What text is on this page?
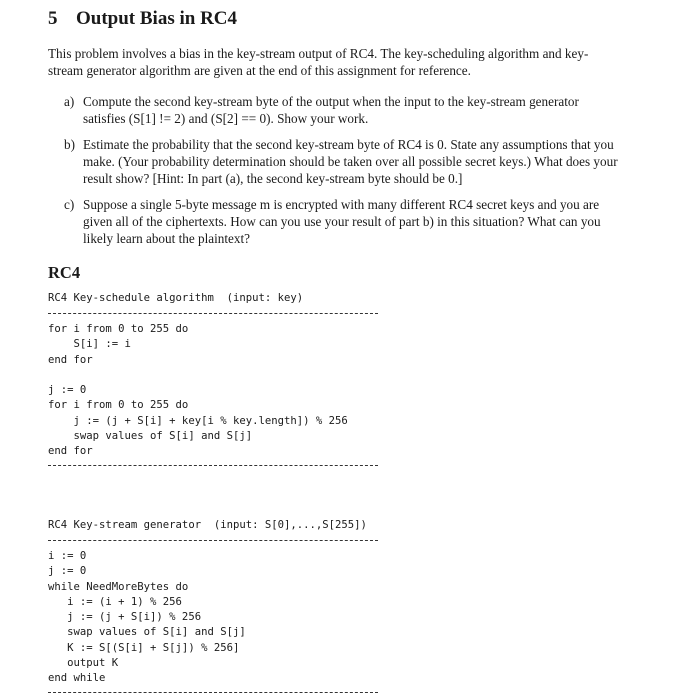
5 Output Bias in RC4
This problem involves a bias in the key-stream output of RC4. The key-scheduling algorithm and key-stream generator algorithm are given at the end of this assignment for reference.
a) Compute the second key-stream byte of the output when the input to the key-stream generator satisfies (S[1] != 2) and (S[2] == 0). Show your work.
b) Estimate the probability that the second key-stream byte of RC4 is 0. State any assumptions that you make. (Your probability determination should be taken over all possible secret keys.) What does your result show? [Hint: In part (a), the second key-stream byte should be 0.]
c) Suppose a single 5-byte message m is encrypted with many different RC4 secret keys and you are given all of the ciphertexts. How can you use your result of part b) in this situation? What can you likely learn about the plaintext?
RC4
RC4 Key-schedule algorithm  (input: key)
for i from 0 to 255 do
S[i] := i
end for

j := 0
for i from 0 to 255 do
j := (j + S[i] + key[i % key.length]) % 256
swap values of S[i] and S[j]
end for
RC4 Key-stream generator  (input: S[0],...,S[255])
i := 0
j := 0
while NeedMoreBytes do
i := (i + 1) % 256
j := (j + S[i]) % 256
swap values of S[i] and S[j]
K := S[(S[i] + S[j]) % 256]
output K
end while
